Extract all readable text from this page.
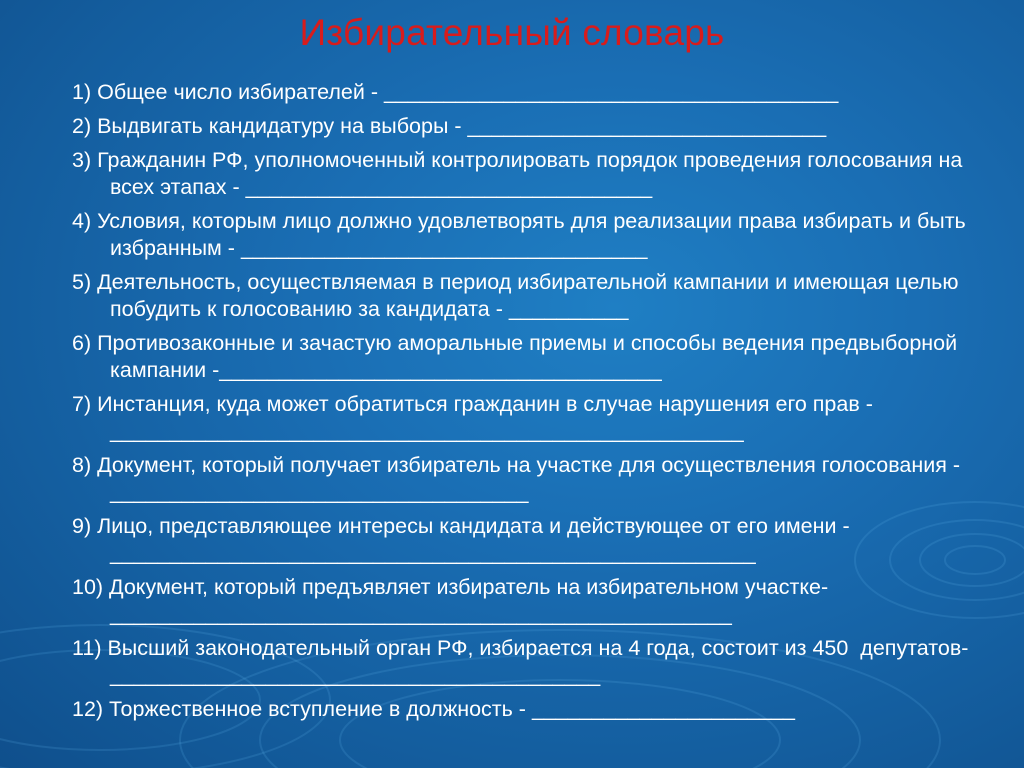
Избирательный словарь
1) Общее число избирателей - ______________________________________
2) Выдвигать кандидатуру на выборы - ______________________________
3) Гражданин РФ, уполномоченный контролировать порядок проведения голосования на всех этапах - __________________________________
4) Условия, которым лицо должно удовлетворять для реализации права избирать и быть избранным - __________________________________
5) Деятельность, осуществляемая в период избирательной кампании и имеющая целью побудить к голосованию за кандидата - __________
6) Противозаконные и зачастую аморальные приемы и способы ведения предвыборной кампании -_____________________________________
7) Инстанция, куда может обратиться гражданин в случае нарушения его прав - _____________________________________________________
8) Документ, который получает избиратель на участке для осуществления голосования - ___________________________________
9) Лицо, представляющее интересы кандидата и действующее от его имени -______________________________________________________
10) Документ, который предъявляет избиратель на избирательном участке-____________________________________________________
11) Высший законодательный орган РФ, избирается на 4 года, состоит из 450  депутатов-_________________________________________
12) Торжественное вступление в должность - ______________________
